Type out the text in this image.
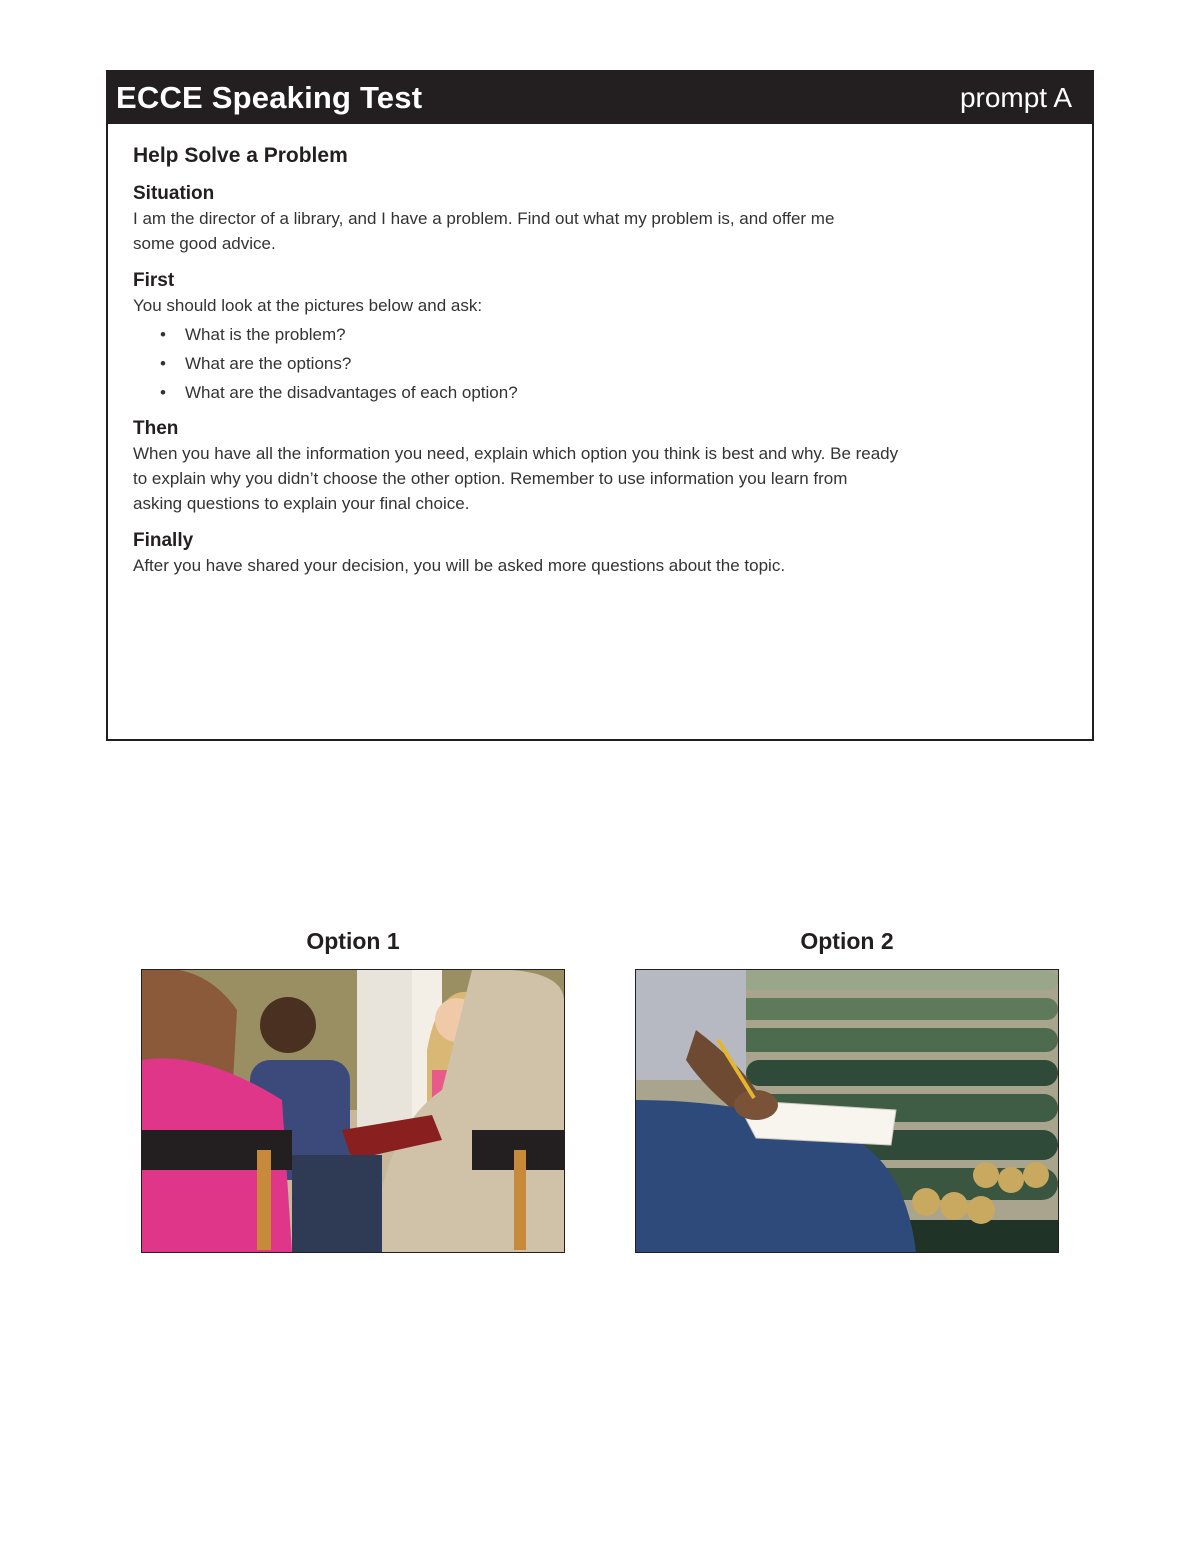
ECCE Speaking Test	prompt A

Help Solve a Problem

Situation

I am the director of a library, and I have a problem. Find out what my problem is, and offer me
some good advice.

First

You should look at the pictures below and ask:

• What is the problem?
• What are the options?
• What are the disadvantages of each option?

Then

When you have all the information you need, explain which option you think is best and why. Be ready
to explain why you didn’t choose the other option. Remember to use information you learn from
asking questions to explain your final choice.

Finally

After you have shared your decision, you will be asked more questions about the topic.

Option 1	Option 2
